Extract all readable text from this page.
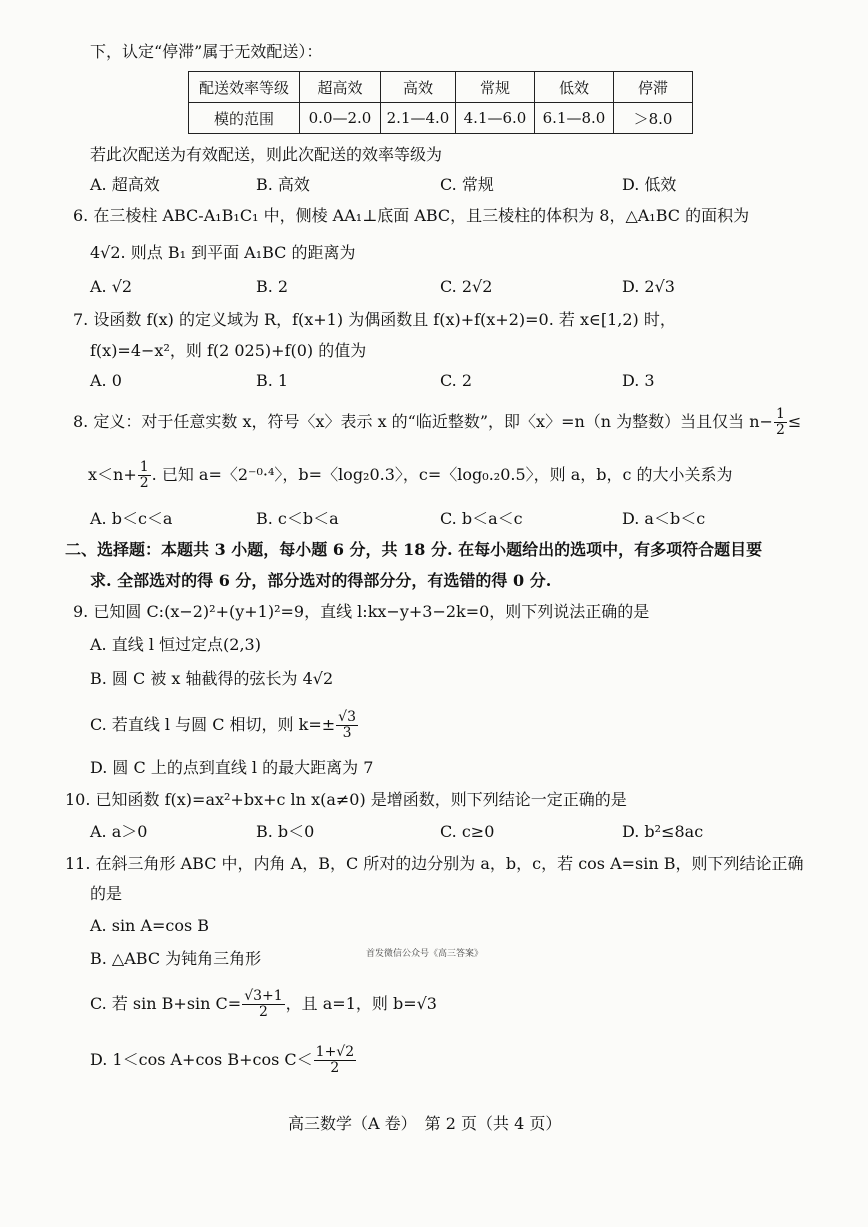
下，认定“停滞”属于无效配送）：
配送效率等级	超高效	高效	常规	低效	停滞
模的范围	0.0—2.0	2.1—4.0	4.1—6.0	6.1—8.0	＞8.0
若此次配送为有效配送，则此次配送的效率等级为
A. 超高效	B. 高效	C. 常规	D. 低效
6. 在三棱柱 ABC-A₁B₁C₁ 中，侧棱 AA₁⊥底面 ABC，且三棱柱的体积为 8，△A₁BC 的面积为
4√2. 则点 B₁ 到平面 A₁BC 的距离为
A. √2	B. 2	C. 2√2	D. 2√3
7. 设函数 f(x) 的定义域为 R，f(x+1) 为偶函数且 f(x)+f(x+2)=0. 若 x∈[1,2) 时，
f(x)=4−x²，则 f(2 025)+f(0) 的值为
A. 0	B. 1	C. 2	D. 3
8. 定义：对于任意实数 x，符号〈x〉表示 x 的“临近整数”，即〈x〉=n（n 为整数）当且仅当 $n- \frac{1}{2}$ ≤
$x<n+ \frac{1}{2}$ . 已知 a=〈2⁻⁰·⁴〉，b=〈log₂0.3〉，c=〈log₀.₂0.5〉，则 a，b，c 的大小关系为
A. b＜c＜a	B. c＜b＜a	C. b＜a＜c	D. a＜b＜c
二、选择题：本题共 3 小题，每小题 6 分，共 18 分. 在每小题给出的选项中，有多项符合题目要
求. 全部选对的得 6 分，部分选对的得部分分，有选错的得 0 分.
9. 已知圆 C:(x−2)²+(y+1)²=9，直线 l:kx−y+3−2k=0，则下列说法正确的是
A. 直线 l 恒过定点(2,3)
B. 圆 C 被 x 轴截得的弦长为 4√2
C. 若直线 l 与圆 C 相切，则 $k=\pm \frac{√3}{3}$
D. 圆 C 上的点到直线 l 的最大距离为 7
10. 已知函数 f(x)=ax²+bx+c ln x(a≠0) 是增函数，则下列结论一定正确的是
A. a＞0	B. b＜0	C. c≥0	D. b²≤8ac
11. 在斜三角形 ABC 中，内角 A，B，C 所对的边分别为 a，b，c，若 cos A=sin B，则下列结论正确
的是
A. sin A=cos B
B. △ABC 为钝角三角形	首发微信公众号《高三答案》
C. 若 sin B+sin $C= \frac{√3+1}{2}$ ，且 a=1，则 b=√3
D. 1＜cos A+cos B+cos $C< \frac{1+√2}{2}$
高三数学（A 卷）　第 2 页（共 4 页）
